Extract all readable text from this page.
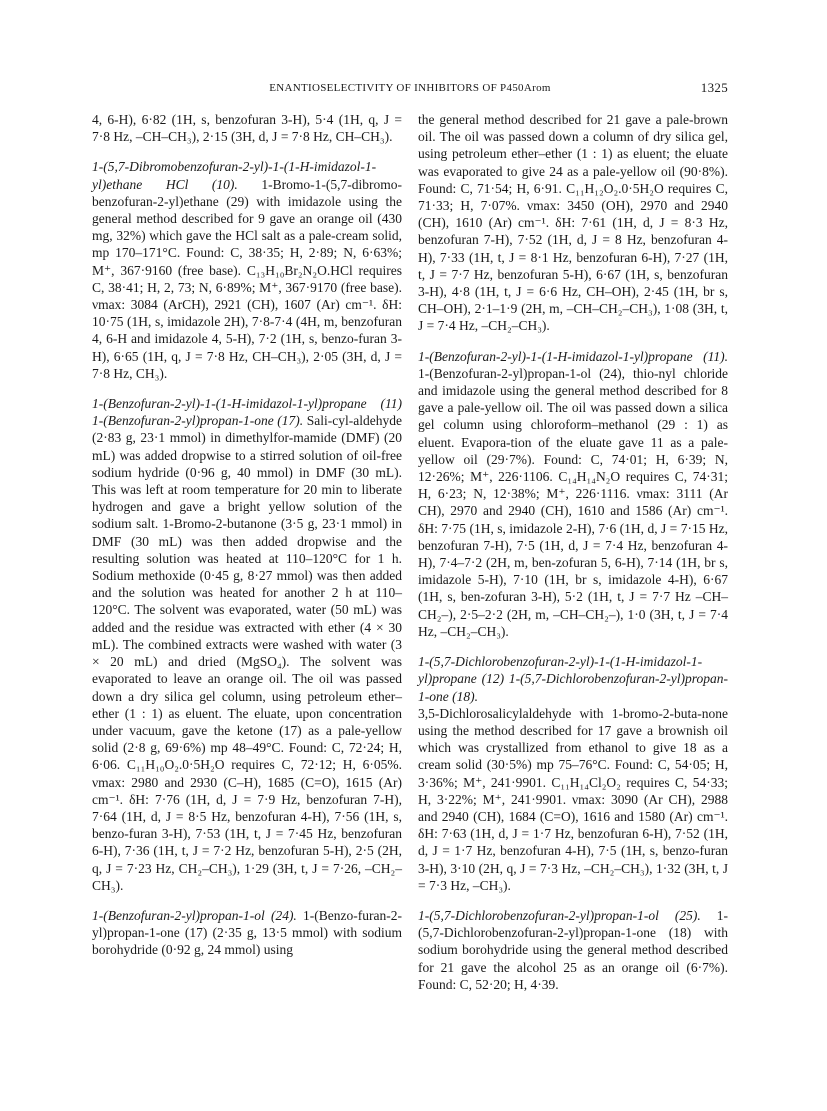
ENANTIOSELECTIVITY OF INHIBITORS OF P450Arom	1325

4, 6-H), 6·82 (1H, s, benzofuran 3-H), 5·4 (1H, q, J = 7·8 Hz, –CH–CH₃), 2·15 (3H, d, J = 7·8 Hz, CH–CH₃).

1-(5,7-Dibromobenzofuran-2-yl)-1-(1-H-imidazol-1-yl)ethane HCl (10). 1-Bromo-1-(5,7-dibromo-benzofuran-2-yl)ethane (29) with imidazole using the general method described for 9 gave an orange oil (430 mg, 32%) which gave the HCl salt as a pale-cream solid, mp 170–171°C. Found: C, 38·35; H, 2·89; N, 6·63%; M⁺, 367·9160 (free base). C₁₃H₁₀Br₂N₂O.HCl requires C, 38·41; H, 2, 73; N, 6·89%; M⁺, 367·9170 (free base). νmax: 3084 (ArCH), 2921 (CH), 1607 (Ar) cm⁻¹. δH: 10·75 (1H, s, imidazole 2H), 7·8-7·4 (4H, m, benzofuran 4, 6-H and imidazole 4, 5-H), 7·2 (1H, s, benzo-furan 3-H), 6·65 (1H, q, J = 7·8 Hz, CH–CH₃), 2·05 (3H, d, J = 7·8 Hz, CH₃).

1-(Benzofuran-2-yl)-1-(1-H-imidazol-1-yl)propane (11) 1-(Benzofuran-2-yl)propan-1-one (17). Sali-cyl-aldehyde (2·83 g, 23·1 mmol) in dimethylfor-mamide (DMF) (20 mL) was added dropwise to a stirred solution of oil-free sodium hydride (0·96 g, 40 mmol) in DMF (30 mL). This was left at room temperature for 20 min to liberate hydrogen and gave a bright yellow solution of the sodium salt. 1-Bromo-2-butanone (3·5 g, 23·1 mmol) in DMF (30 mL) was then added dropwise and the resulting solution was heated at 110–120°C for 1 h. Sodium methoxide (0·45 g, 8·27 mmol) was then added and the solution was heated for another 2 h at 110–120°C. The solvent was evaporated, water (50 mL) was added and the residue was extracted with ether (4 × 30 mL). The combined extracts were washed with water (3 × 20 mL) and dried (MgSO₄). The solvent was evaporated to leave an orange oil. The oil was passed down a dry silica gel column, using petroleum ether–ether (1 : 1) as eluent. The eluate, upon concentration under vacuum, gave the ketone (17) as a pale-yellow solid (2·8 g, 69·6%) mp 48–49°C. Found: C, 72·24; H, 6·06. C₁₁H₁₀O₂.0·5H₂O requires C, 72·12; H, 6·05%. νmax: 2980 and 2930 (C–H), 1685 (C=O), 1615 (Ar) cm⁻¹. δH: 7·76 (1H, d, J = 7·9 Hz, benzofuran 7-H), 7·64 (1H, d, J = 8·5 Hz, benzofuran 4-H), 7·56 (1H, s, benzo-furan 3-H), 7·53 (1H, t, J = 7·45 Hz, benzofuran 6-H), 7·36 (1H, t, J = 7·2 Hz, benzofuran 5-H), 2·5 (2H, q, J = 7·23 Hz, CH₂–CH₃), 1·29 (3H, t, J = 7·26, –CH₂–CH₃).

1-(Benzofuran-2-yl)propan-1-ol (24). 1-(Benzo-furan-2-yl)propan-1-one (17) (2·35 g, 13·5 mmol) with sodium borohydride (0·92 g, 24 mmol) using

the general method described for 21 gave a pale-brown oil. The oil was passed down a column of dry silica gel, using petroleum ether–ether (1 : 1) as eluent; the eluate was evaporated to give 24 as a pale-yellow oil (90·8%). Found: C, 71·54; H, 6·91. C₁₁H₁₂O₂.0·5H₂O requires C, 71·33; H, 7·07%. νmax: 3450 (OH), 2970 and 2940 (CH), 1610 (Ar) cm⁻¹. δH: 7·61 (1H, d, J = 8·3 Hz, benzofuran 7-H), 7·52 (1H, d, J = 8 Hz, benzofuran 4-H), 7·33 (1H, t, J = 8·1 Hz, benzofuran 6-H), 7·27 (1H, t, J = 7·7 Hz, benzofuran 5-H), 6·67 (1H, s, benzofuran 3-H), 4·8 (1H, t, J = 6·6 Hz, CH–OH), 2·45 (1H, br s, CH–OH), 2·1–1·9 (2H, m, –CH–CH₂–CH₃), 1·08 (3H, t, J = 7·4 Hz, –CH₂–CH₃).

1-(Benzofuran-2-yl)-1-(1-H-imidazol-1-yl)propane (11). 1-(Benzofuran-2-yl)propan-1-ol (24), thio-nyl chloride and imidazole using the general method described for 8 gave a pale-yellow oil. The oil was passed down a silica gel column using chloroform–methanol (29 : 1) as eluent. Evapora-tion of the eluate gave 11 as a pale-yellow oil (29·7%). Found: C, 74·01; H, 6·39; N, 12·26%; M⁺, 226·1106. C₁₄H₁₄N₂O requires C, 74·31; H, 6·23; N, 12·38%; M⁺, 226·1116. νmax: 3111 (Ar CH), 2970 and 2940 (CH), 1610 and 1586 (Ar) cm⁻¹. δH: 7·75 (1H, s, imidazole 2-H), 7·6 (1H, d, J = 7·15 Hz, benzofuran 7-H), 7·5 (1H, d, J = 7·4 Hz, benzofuran 4-H), 7·4–7·2 (2H, m, ben-zofuran 5, 6-H), 7·14 (1H, br s, imidazole 5-H), 7·10 (1H, br s, imidazole 4-H), 6·67 (1H, s, ben-zofuran 3-H), 5·2 (1H, t, J = 7·7 Hz –CH–CH₂–), 2·5–2·2 (2H, m, –CH–CH₂–), 1·0 (3H, t, J = 7·4 Hz, –CH₂–CH₃).

1-(5,7-Dichlorobenzofuran-2-yl)-1-(1-H-imidazol-1-yl)propane (12) 1-(5,7-Dichlorobenzofuran-2-yl)propan-1-one (18).
3,5-Dichlorosalicylaldehyde with 1-bromo-2-buta-none using the method described for 17 gave a brownish oil which was crystallized from ethanol to give 18 as a cream solid (30·5%) mp 75–76°C. Found: C, 54·05; H, 3·36%; M⁺, 241·9901. C₁₁H₁₄Cl₂O₂ requires C, 54·33; H, 3·22%; M⁺, 241·9901. νmax: 3090 (Ar CH), 2988 and 2940 (CH), 1684 (C=O), 1616 and 1580 (Ar) cm⁻¹. δH: 7·63 (1H, d, J = 1·7 Hz, benzofuran 6-H), 7·52 (1H, d, J = 1·7 Hz, benzofuran 4-H), 7·5 (1H, s, benzo-furan 3-H), 3·10 (2H, q, J = 7·3 Hz, –CH₂–CH₃), 1·32 (3H, t, J = 7·3 Hz, –CH₃).

1-(5,7-Dichlorobenzofuran-2-yl)propan-1-ol (25). 1-(5,7-Dichlorobenzofuran-2-yl)propan-1-one (18) with sodium borohydride using the general method described for 21 gave the alcohol 25 as an orange oil (6·7%). Found: C, 52·20; H, 4·39.
